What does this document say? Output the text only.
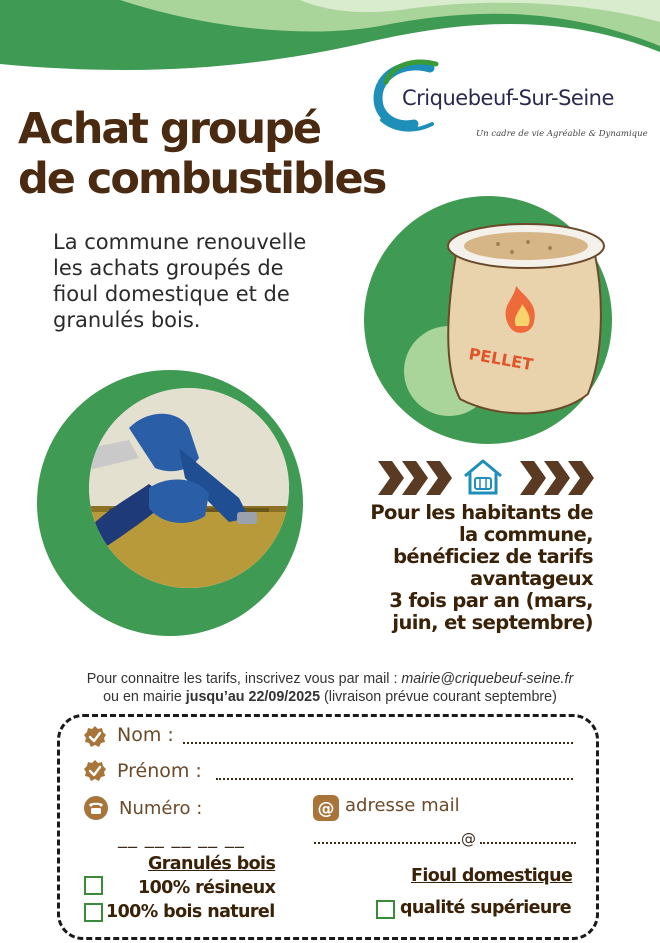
Criquebeuf-Sur-Seine
Un cadre de vie Agréable & Dynamique
Achat groupé
de combustibles
La commune renouvelle les achats groupés de fioul domestique et de granulés bois.
PELLET
Pour les habitants de
la commune,
bénéficiez de tarifs
avantageux
3 fois par an (mars,
juin, et septembre)
Pour connaitre les tarifs, inscrivez vous par mail : mairie@criquebeuf-seine.fr
ou en mairie jusqu’au 22/09/2025 (livraison prévue courant septembre)
Nom :
Prénom :
Numéro :
__ __ __ __ __
@ adresse mail
@
Granulés bois
100% résineux
100% bois naturel
Fioul domestique
qualité supérieure
